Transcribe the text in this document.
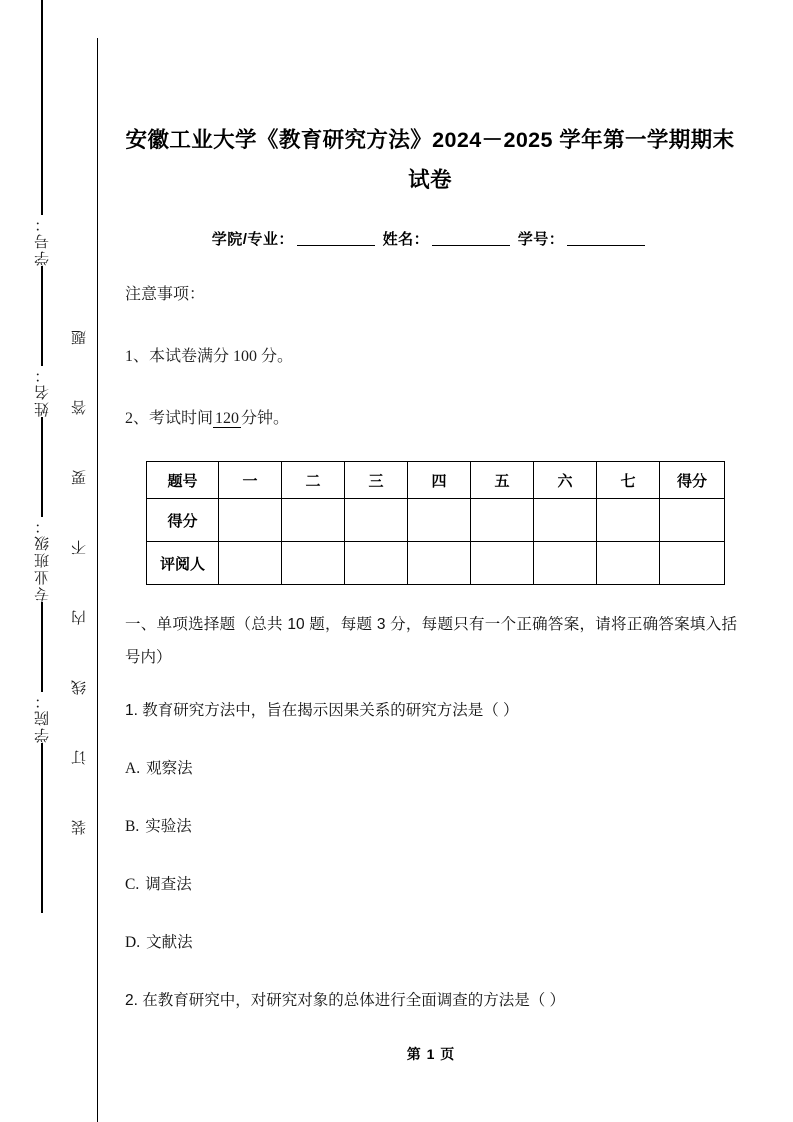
学号：
姓名：
专业班级：
学院：
题
答
要
不
内
线
订
装
安徽工业大学《教育研究方法》2024－2025 学年第一学期期末试卷
学院/专业：	姓名：	学号：
注意事项：
1、本试卷满分 100 分。
2、考试时间 120 分钟。
题号	一	二	三	四	五	六	七	得分
得分								
评阅人								
一、单项选择题（总共 10 题，每题 3 分，每题只有一个正确答案，请将正确答案填入括号内）

1. 教育研究方法中，旨在揭示因果关系的研究方法是（ ）

A. 观察法

B. 实验法

C. 调查法

D. 文献法

2. 在教育研究中，对研究对象的总体进行全面调查的方法是（ ）

第 1 页
